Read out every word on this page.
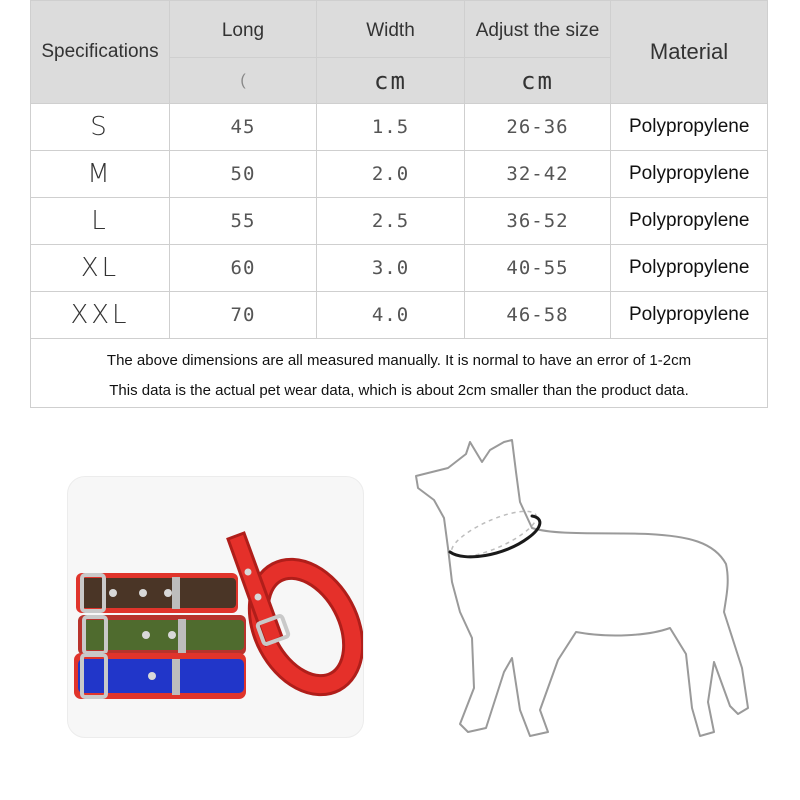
Specifications	Long	Width	Adjust the size	Material
	(	cm	cm	
S	45	1.5	26-36	Polypropylene
M	50	2.0	32-42	Polypropylene
L	55	2.5	36-52	Polypropylene
XL	60	3.0	40-55	Polypropylene
XXL	70	4.0	46-58	Polypropylene

The above dimensions are all measured manually. It is normal to have an error of 1-2cm
This data is the actual pet wear data, which is about 2cm smaller than the product data.				
